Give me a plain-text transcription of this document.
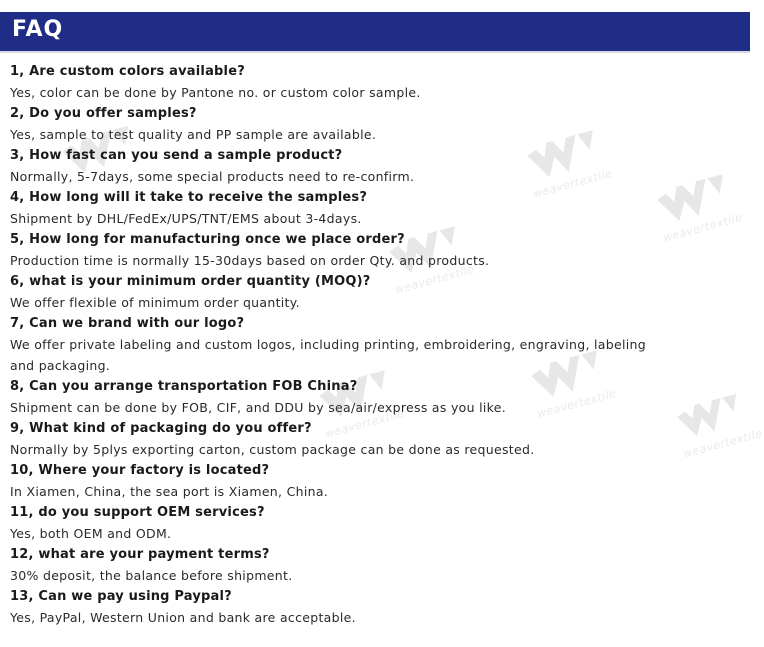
FAQ
weavertextile
weavertextile
weavertextile
weavertextile
weavertextile
weavertextile
1, Are custom colors available?
Yes, color can be done by Pantone no. or custom color sample.
2, Do you offer samples?
Yes, sample to test quality and PP sample are available.
3, How fast can you send a sample product?
Normally, 5-7days, some special products need to re-confirm.
4, How long will it take to receive the samples?
Shipment by DHL/FedEx/UPS/TNT/EMS about 3-4days.
5, How long for manufacturing once we place order?
Production time is normally 15-30days based on order Qty. and products.
6, what is your minimum order quantity (MOQ)?
We offer flexible of minimum order quantity.
7, Can we brand with our logo?
We offer private labeling and custom logos, including printing, embroidering, engraving, labeling and packaging.
8, Can you arrange transportation FOB China?
Shipment can be done by FOB, CIF, and DDU by sea/air/express as you like.
9, What kind of packaging do you offer?
Normally by 5plys exporting carton, custom package can be done as requested.
10, Where your factory is located?
In Xiamen, China, the sea port is Xiamen, China.
11, do you support OEM services?
Yes, both OEM and ODM.
12, what are your payment terms?
30% deposit, the balance before shipment.
13, Can we pay using Paypal?
Yes, PayPal, Western Union and bank are acceptable.
